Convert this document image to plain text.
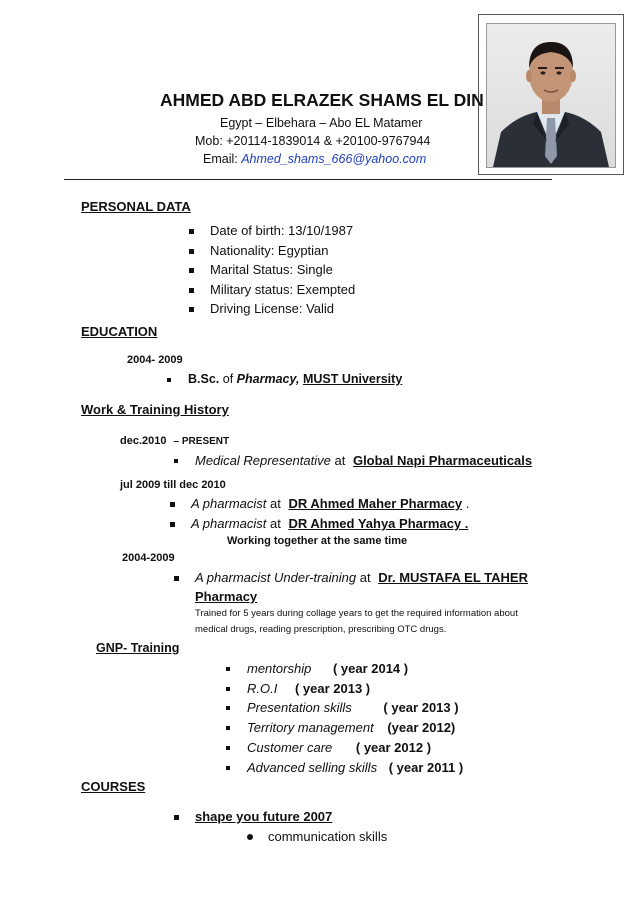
AHMED ABD ELRAZEK SHAMS EL DIN
Egypt – Elbehara – Abo EL Matamer
Mob: +20114-1839014 & +20100-9767944
Email: Ahmed_shams_666@yahoo.com
PERSONAL DATA
Date of birth: 13/10/1987
Nationality: Egyptian
Marital Status: Single
Military status: Exempted
Driving License: Valid
EDUCATION
2004- 2009
B.Sc. of Pharmacy, MUST University
Work & Training History
dec.2010 – PRESENT
Medical Representative at Global Napi Pharmaceuticals
jul 2009 till dec 2010
A pharmacist at DR Ahmed Maher Pharmacy .
A pharmacist at DR Ahmed Yahya Pharmacy .
Working together at the same time
2004-2009
A pharmacist Under-training at Dr. MUSTAFA EL TAHER
Pharmacy
Trained for 5 years during collage years to get the required information about
medical drugs, reading prescription, prescribing OTC drugs.
GNP- Training
mentorship ( year 2014 )
R.O.I ( year 2013 )
Presentation skills ( year 2013 )
Territory management (year 2012)
Customer care ( year 2012 )
Advanced selling skills ( year 2011 )
COURSES
shape you future 2007
communication skills
